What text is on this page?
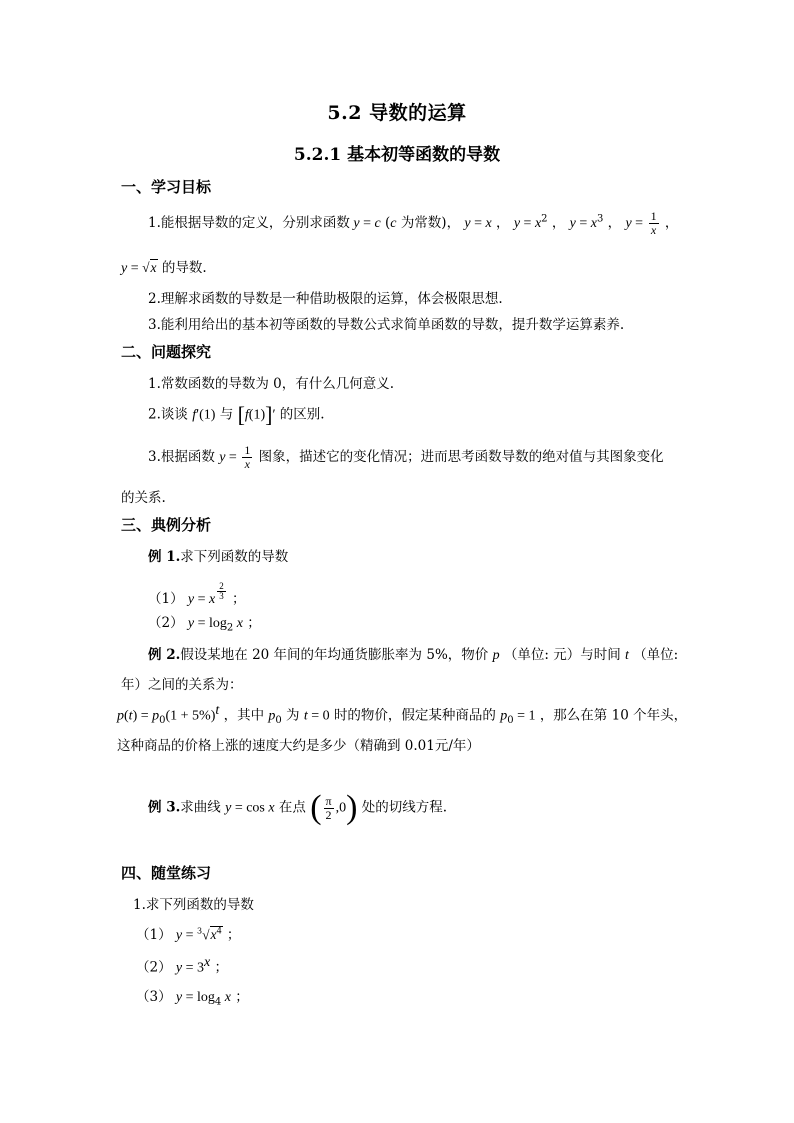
5.2 导数的运算
5.2.1 基本初等函数的导数
一、学习目标
1.能根据导数的定义，分别求函数 y = c (c 为常数)， y = x ， $y = x^2$ ， $y = x^3$ ， $y = \frac{1}{x}$ ，
y = √x 的导数.
2.理解求函数的导数是一种借助极限的运算，体会极限思想.
3.能利用给出的基本初等函数的导数公式求简单函数的导数，提升数学运算素养.
二、问题探究
1.常数函数的导数为 0，有什么几何意义.
2.谈谈 f′(1) 与 [f(1)]′ 的区别.
3.根据函数 $y = \frac{1}{x}$ 图象，描述它的变化情况；进而思考函数导数的绝对值与其图象变化
的关系.
三、典例分析
例 1.求下列函数的导数
（1） y = x $^{\frac{2}{3}}$ ；
（2） $y = \log_2 x$ ；
例 2.假设某地在 20 年间的年均通货膨胀率为 5%，物价 p （单位: 元）与时间 t （单位:
年）之间的关系为：
$p(t) = p_0(1 + 5\%)^t$ ，其中 $p_0$ 为 t = 0 时的物价，假定某种商品的 $p_0 = 1$ ，那么在第 10 个年头，
这种商品的价格上涨的速度大约是多少（精确到 0.01元/年）
例 3.求曲线 y = cos x 在点 ( $\frac{\pi}{2} ,0$) 处的切线方程.
四、随堂练习
1.求下列函数的导数
（1） $y = ^3√x^4$ ；
（2） $y = 3^x$ ；
（3） $y = \log_4 x$ ；
